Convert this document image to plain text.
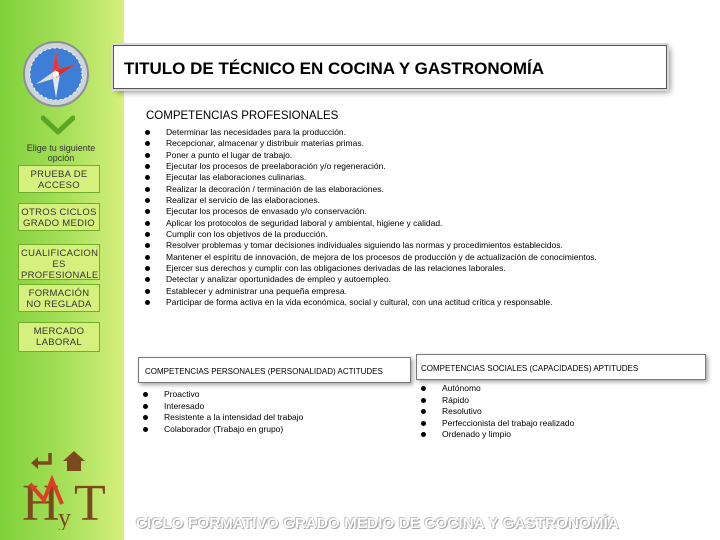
Elige tu siguiente opción
PRUEBA DE ACCESO
OTROS CICLOS GRADO MEDIO
CUALIFICACION ES PROFESIONALE
FORMACIÓN NO REGLADA
MERCADO LABORAL
H
y T
TITULO DE TÉCNICO EN COCINA Y GASTRONOMÍA
COMPETENCIAS PROFESIONALES
Determinar las necesidades para la producción.
Recepcionar, almacenar y distribuir materias primas.
Poner a punto el lugar de trabajo.
Ejecutar los procesos de preelaboración y/o regeneración.
Ejecutar las elaboraciones culinarias.
Realizar la decoración / terminación de las elaboraciones.
Realizar el servicio de las elaboraciones.
Ejecutar los procesos de envasado y/o conservación.
Aplicar los protocolos de seguridad laboral y ambiental, higiene y calidad.
Cumplir con los objetivos de la producción.
Resolver problemas y tomar decisiones individuales siguiendo las normas y procedimientos establecidos.
Mantener el espíritu de innovación, de mejora de los procesos de producción y de actualización de conocimientos.
Ejercer sus derechos y cumplir con las obligaciones derivadas de las relaciones laborales.
Detectar y analizar oportunidades de empleo y autoempleo.
Establecer y administrar una pequeña empresa.
Participar de forma activa en la vida económica, social y cultural, con una actitud crítica y responsable.
COMPETENCIAS PERSONALES (PERSONALIDAD) ACTITUDES
Proactivo
Interesado
Resistente a la intensidad del trabajo
Colaborador (Trabajo en grupo)
COMPETENCIAS SOCIALES (CAPACIDADES) APTITUDES
Autónomo
Rápido
Resolutivo
Perfeccionista del trabajo realizado
Ordenado y limpio
CICLO FORMATIVO GRADO MEDIO DE COCINA Y GASTRONOMÍA
